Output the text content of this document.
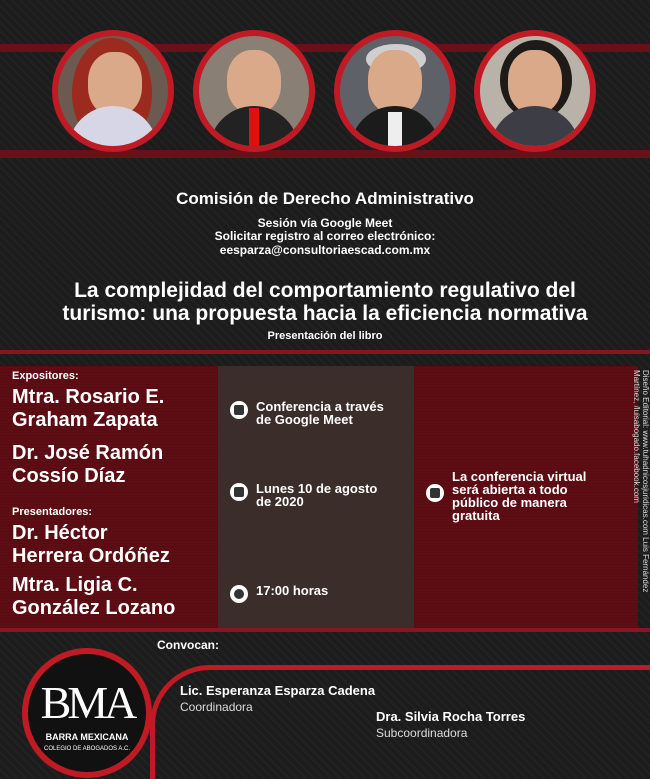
Comisión de Derecho Administrativo
Sesión vía Google Meet
Solicitar registro al correo electrónico:
eesparza@consultoriaescad.com.mx
La complejidad del comportamiento regulativo del
turismo: una propuesta hacia la eficiencia normativa
Presentación del libro
Expositores:
Mtra. Rosario E.
Graham Zapata
Dr. José Ramón
Cossío Díaz
Presentadores:
Dr. Héctor
Herrera Ordóñez
Mtra. Ligia C.
González Lozano
Conferencia a través
de Google Meet
Lunes 10 de agosto
de 2020
17:00 horas
La conferencia virtual
será abierta a todo
público de manera
gratuita	Diseño Editorial: www.tuhadnicosjuridicas.com Luis Fernández Martínez, /luisabogado.facebook.com
Convocan:
BMA
BARRA MEXICANA
COLEGIO DE ABOGADOS A.C.
Lic. Esperanza Esparza Cadena
Coordinadora
Dra. Silvia Rocha Torres
Subcoordinadora
